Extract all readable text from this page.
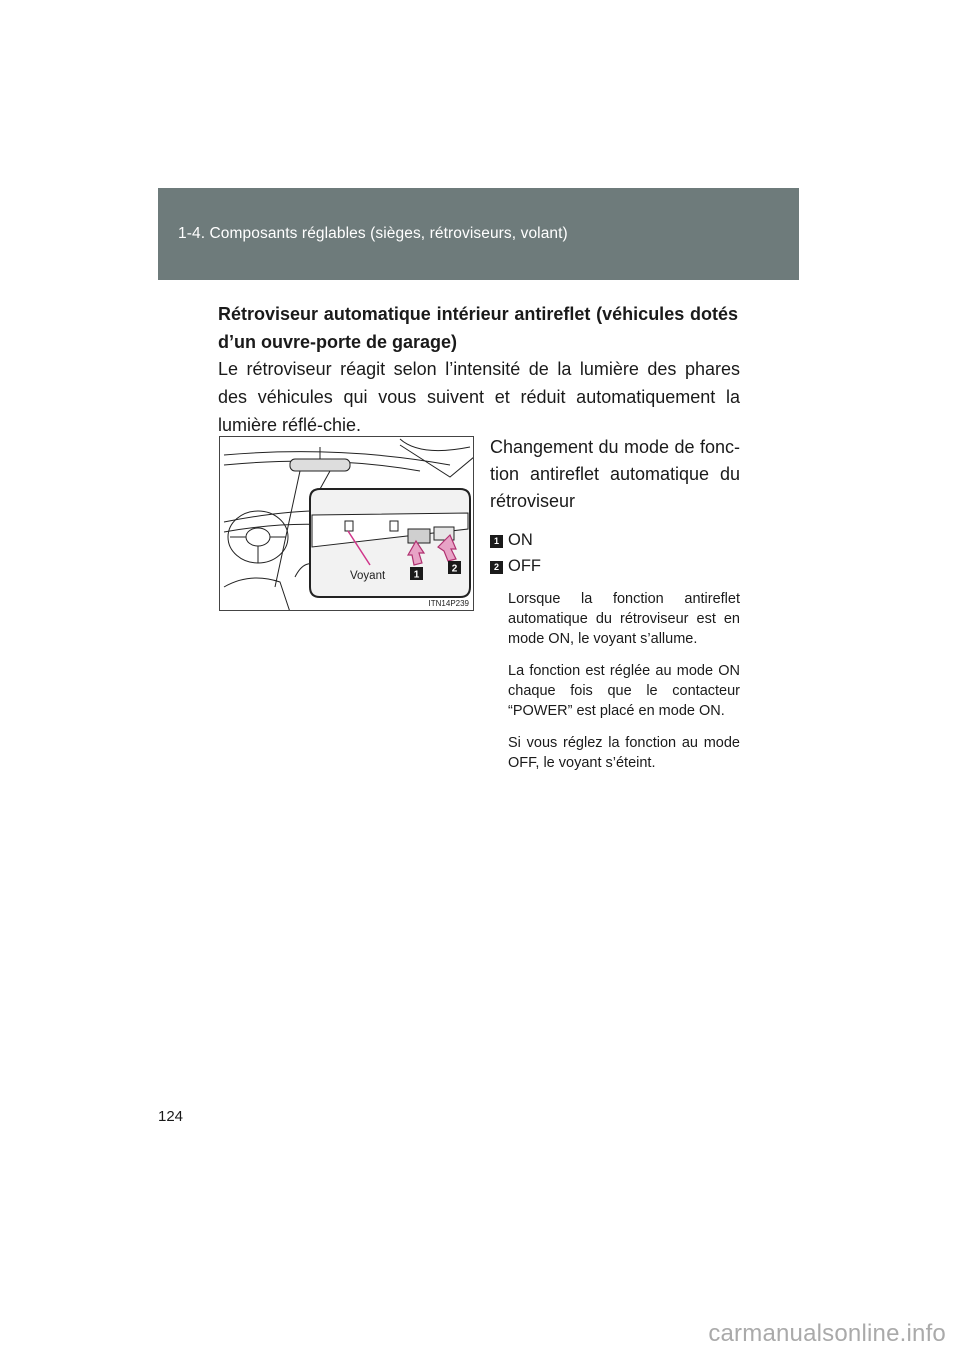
1-4. Composants réglables (sièges, rétroviseurs, volant)
Rétroviseur automatique intérieur antireflet (véhicules dotés d’un ouvre-porte de garage)
Le rétroviseur réagit selon l’intensité de la lumière des phares des véhicules qui vous suivent et réduit automatiquement la lumière réflé-chie.
1
2
Voyant
ITN14P239
Changement du mode de fonc-tion antireflet automatique du rétroviseur
1 ON
2 OFF
Lorsque la fonction antireflet automatique du rétroviseur est en mode ON, le voyant s’allume.
La fonction est réglée au mode ON chaque fois que le contacteur “POWER” est placé en mode ON.
Si vous réglez la fonction au mode OFF, le voyant s’éteint.
124
carmanualsonline.info
